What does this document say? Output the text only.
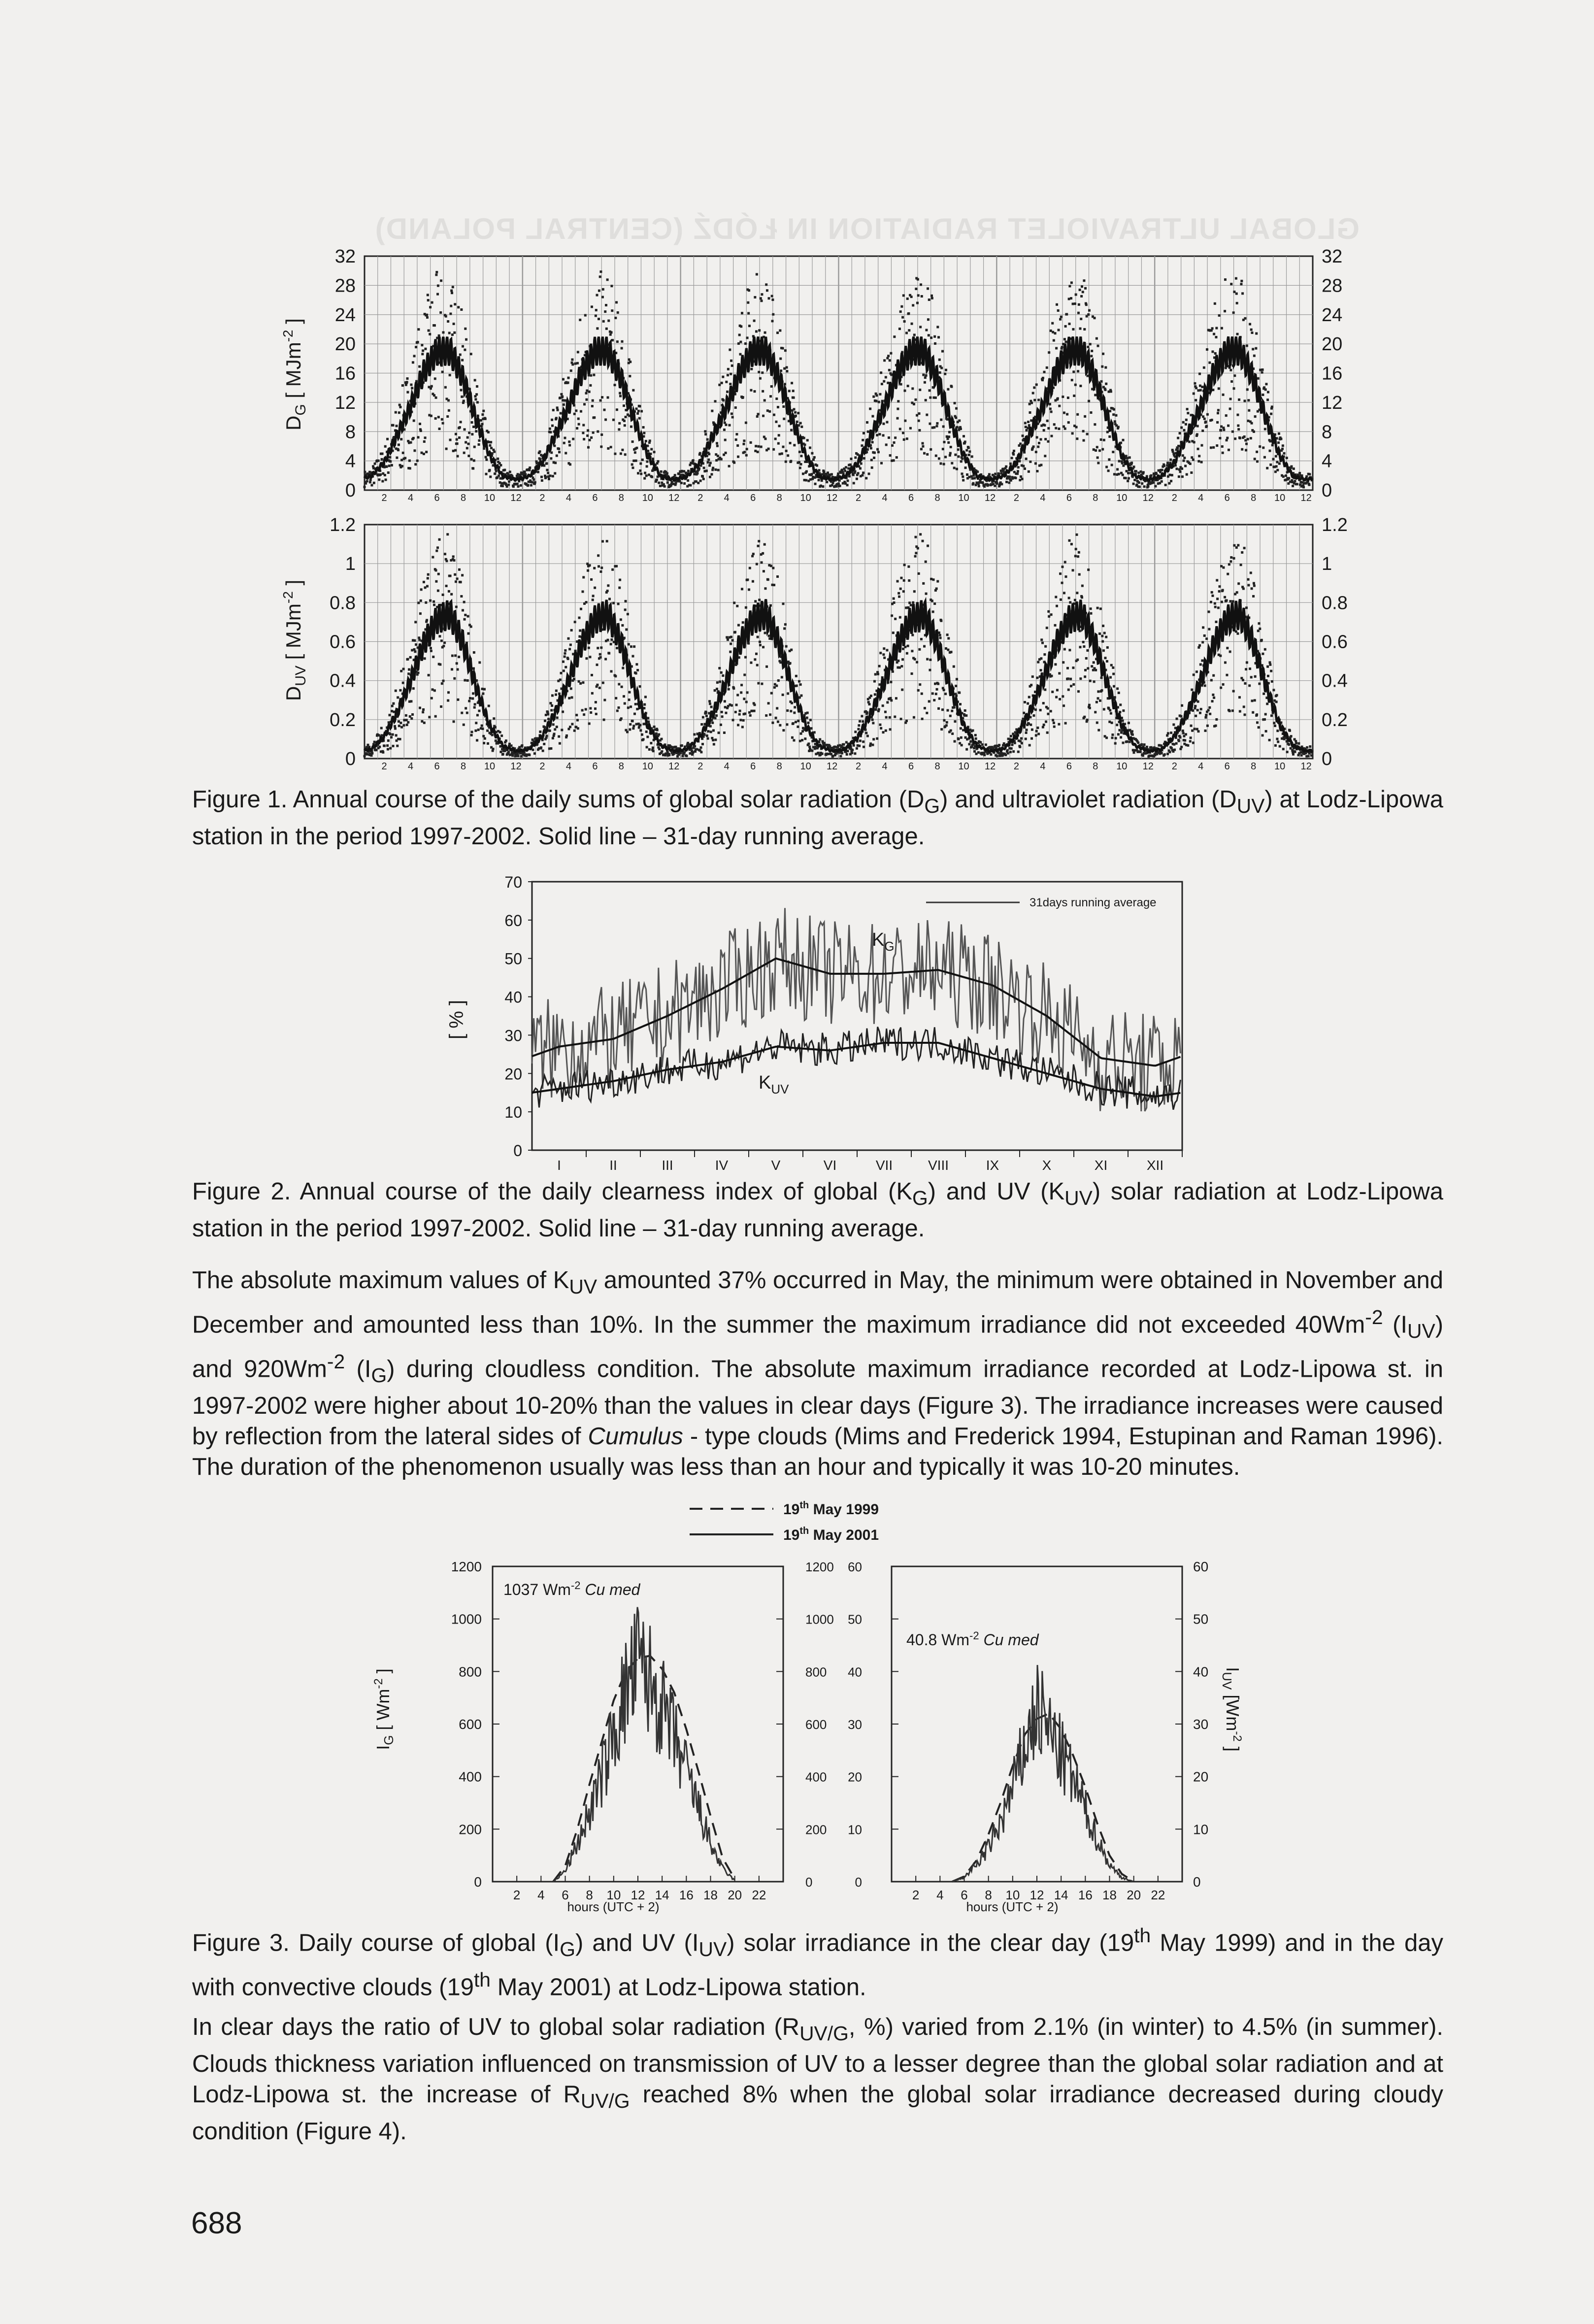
GLOBAL ULTRAVIOLET RADIATION IN ŁÓDŹ (CENTRAL POLAND)
0	0
4	4
8	8
12	12
16	16
20	20
24	24
28	28
32	32
2 4 6 8 10 12 2 4 6 8 10 12 2 4 6 8 10 12 2 4 6 8 10 12 2 4 6 8 10 12 2 4 6 8 10 12
0	0
0.2	0.2
0.4	0.4
0.6	0.6
0.8	0.8
1	1
1.2	1.2
2 4 6 8 10 12 2 4 6 8 10 12 2 4 6 8 10 12 2 4 6 8 10 12 2 4 6 8 10 12 2 4 6 8 10 12
$D_G$ [ MJm$^{-2}$ ]
$D_{UV}$ [ MJm$^{-2}$ ]
Figure 1. Annual course of the daily sums of global solar radiation $(D_G)$ and ultraviolet radiation $(D_{UV})$ at Lodz-Lipowa station in the period 1997-2002. Solid line – 31-day running average.
0
10
20
30
40
50
60
70
I	II	III	IV	V	VI	VII	VIII	IX	X	XI	XII
[ % ]
31days running average
$K_G$
$K_{UV}$
Figure 2. Annual course of the daily clearness index of global $(K_G)$ and UV $(K_{UV})$ solar radiation at Lodz-Lipowa station in the period 1997-2002. Solid line – 31-day running average.

The absolute maximum values of $K_{UV}$ amounted 37% occurred in May, the minimum were obtained in November and December and amounted less than 10%. In the summer the maximum irradiance did not exceeded $40Wm^{-2}$ $(I_{UV})$ and $920Wm^{-2}$ $(I_G)$ during cloudless condition. The absolute maximum irradiance recorded at Lodz-Lipowa st. in 1997-2002 were higher about 10-20% than the values in clear days (Figure 3). The irradiance increases were caused by reflection from the lateral sides of Cumulus - type clouds (Mims and Frederick 1994, Estupinan and Raman 1996). The duration of the phenomenon usually was less than an hour and typically it was 10-20 minutes.

19th May 1999
19th May 2001
0
200
400
600
800
1000
1200
2 4 6 8 10 12 14 16 18 20 22
0
200
400
600
800
1000
1200
0
10
20
30
40
50
60
0
10
20
30
40
50
60
2 4 6 8 10 12 14 16 18 20 22
$I_G$ [ $Wm^{-2}$ ]	$I_{UV}$ [$Wm^{-2}$ ]
1037 $Wm^{-2}$ Cu med
40.8 $Wm^{-2}$ Cu med
hours (UTC + 2)	hours (UTC + 2)
Figure 3. Daily course of global $(I_G)$ and UV $(I_{UV})$ solar irradiance in the clear day (19th May 1999) and in the day with convective clouds (19th May 2001) at Lodz-Lipowa station.

In clear days the ratio of UV to global solar radiation ($R_{UV/G}$, %) varied from 2.1% (in winter) to 4.5% (in summer). Clouds thickness variation influenced on transmission of UV to a lesser degree than the global solar radiation and at Lodz-Lipowa st. the increase of $R_{UV/G}$ reached 8% when the global solar irradiance decreased during cloudy condition (Figure 4).

688
